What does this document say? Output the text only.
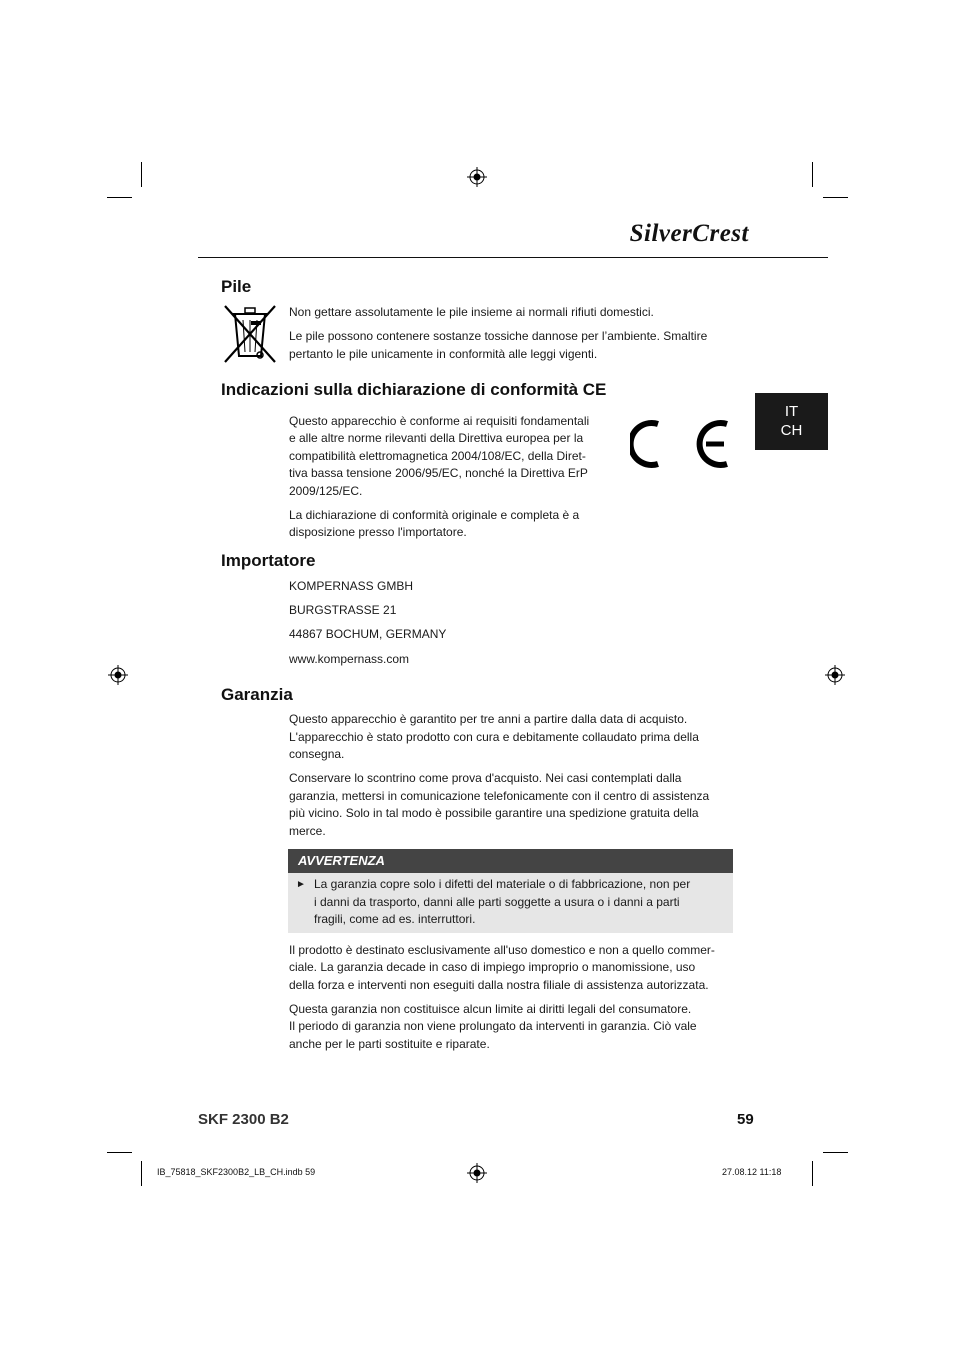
SilverCrest
IT
CH
Pile

Non gettare assolutamente le pile insieme ai normali rifiuti domestici.

Le pile possono contenere sostanze tossiche dannose per l’ambiente. Smaltire

pertanto le pile unicamente in conformità alle leggi vigenti.

Indicazioni sulla dichiarazione di conformità CE

Questo apparecchio è conforme ai requisiti fondamentali

e alle altre norme rilevanti della Direttiva europea per la

compatibilità elettromagnetica 2004/108/EC, della Diret-

tiva bassa tensione 2006/95/EC, nonché la Direttiva ErP

2009/125/EC.

La dichiarazione di conformità originale e completa è a

disposizione presso l'importatore.

Importatore

KOMPERNASS GMBH

BURGSTRASSE 21

44867 BOCHUM, GERMANY

www.kompernass.com

Garanzia

Questo apparecchio è garantito per tre anni a partire dalla data di acquisto.

L'apparecchio è stato prodotto con cura e debitamente collaudato prima della

consegna.

Conservare lo scontrino come prova d'acquisto. Nei casi contemplati dalla

garanzia, mettersi in comunicazione telefonicamente con il centro di assistenza

più vicino. Solo in tal modo è possibile garantire una spedizione gratuita della

merce.

AVVERTENZA
► La garanzia copre solo i difetti del materiale o di fabbricazione, non per

i danni da trasporto, danni alle parti soggette a usura o i danni a parti

fragili, come ad es. interruttori.

Il prodotto è destinato esclusivamente all'uso domestico e non a quello commer-

ciale. La garanzia decade in caso di impiego improprio o manomissione, uso

della forza e interventi non eseguiti dalla nostra filiale di assistenza autorizzata.

Questa garanzia non costituisce alcun limite ai diritti legali del consumatore.

Il periodo di garanzia non viene prolungato da interventi in garanzia. Ciò vale

anche per le parti sostituite e riparate.

SKF 2300 B2	59
IB_75818_SKF2300B2_LB_CH.indb 59	27.08.12 11:18
